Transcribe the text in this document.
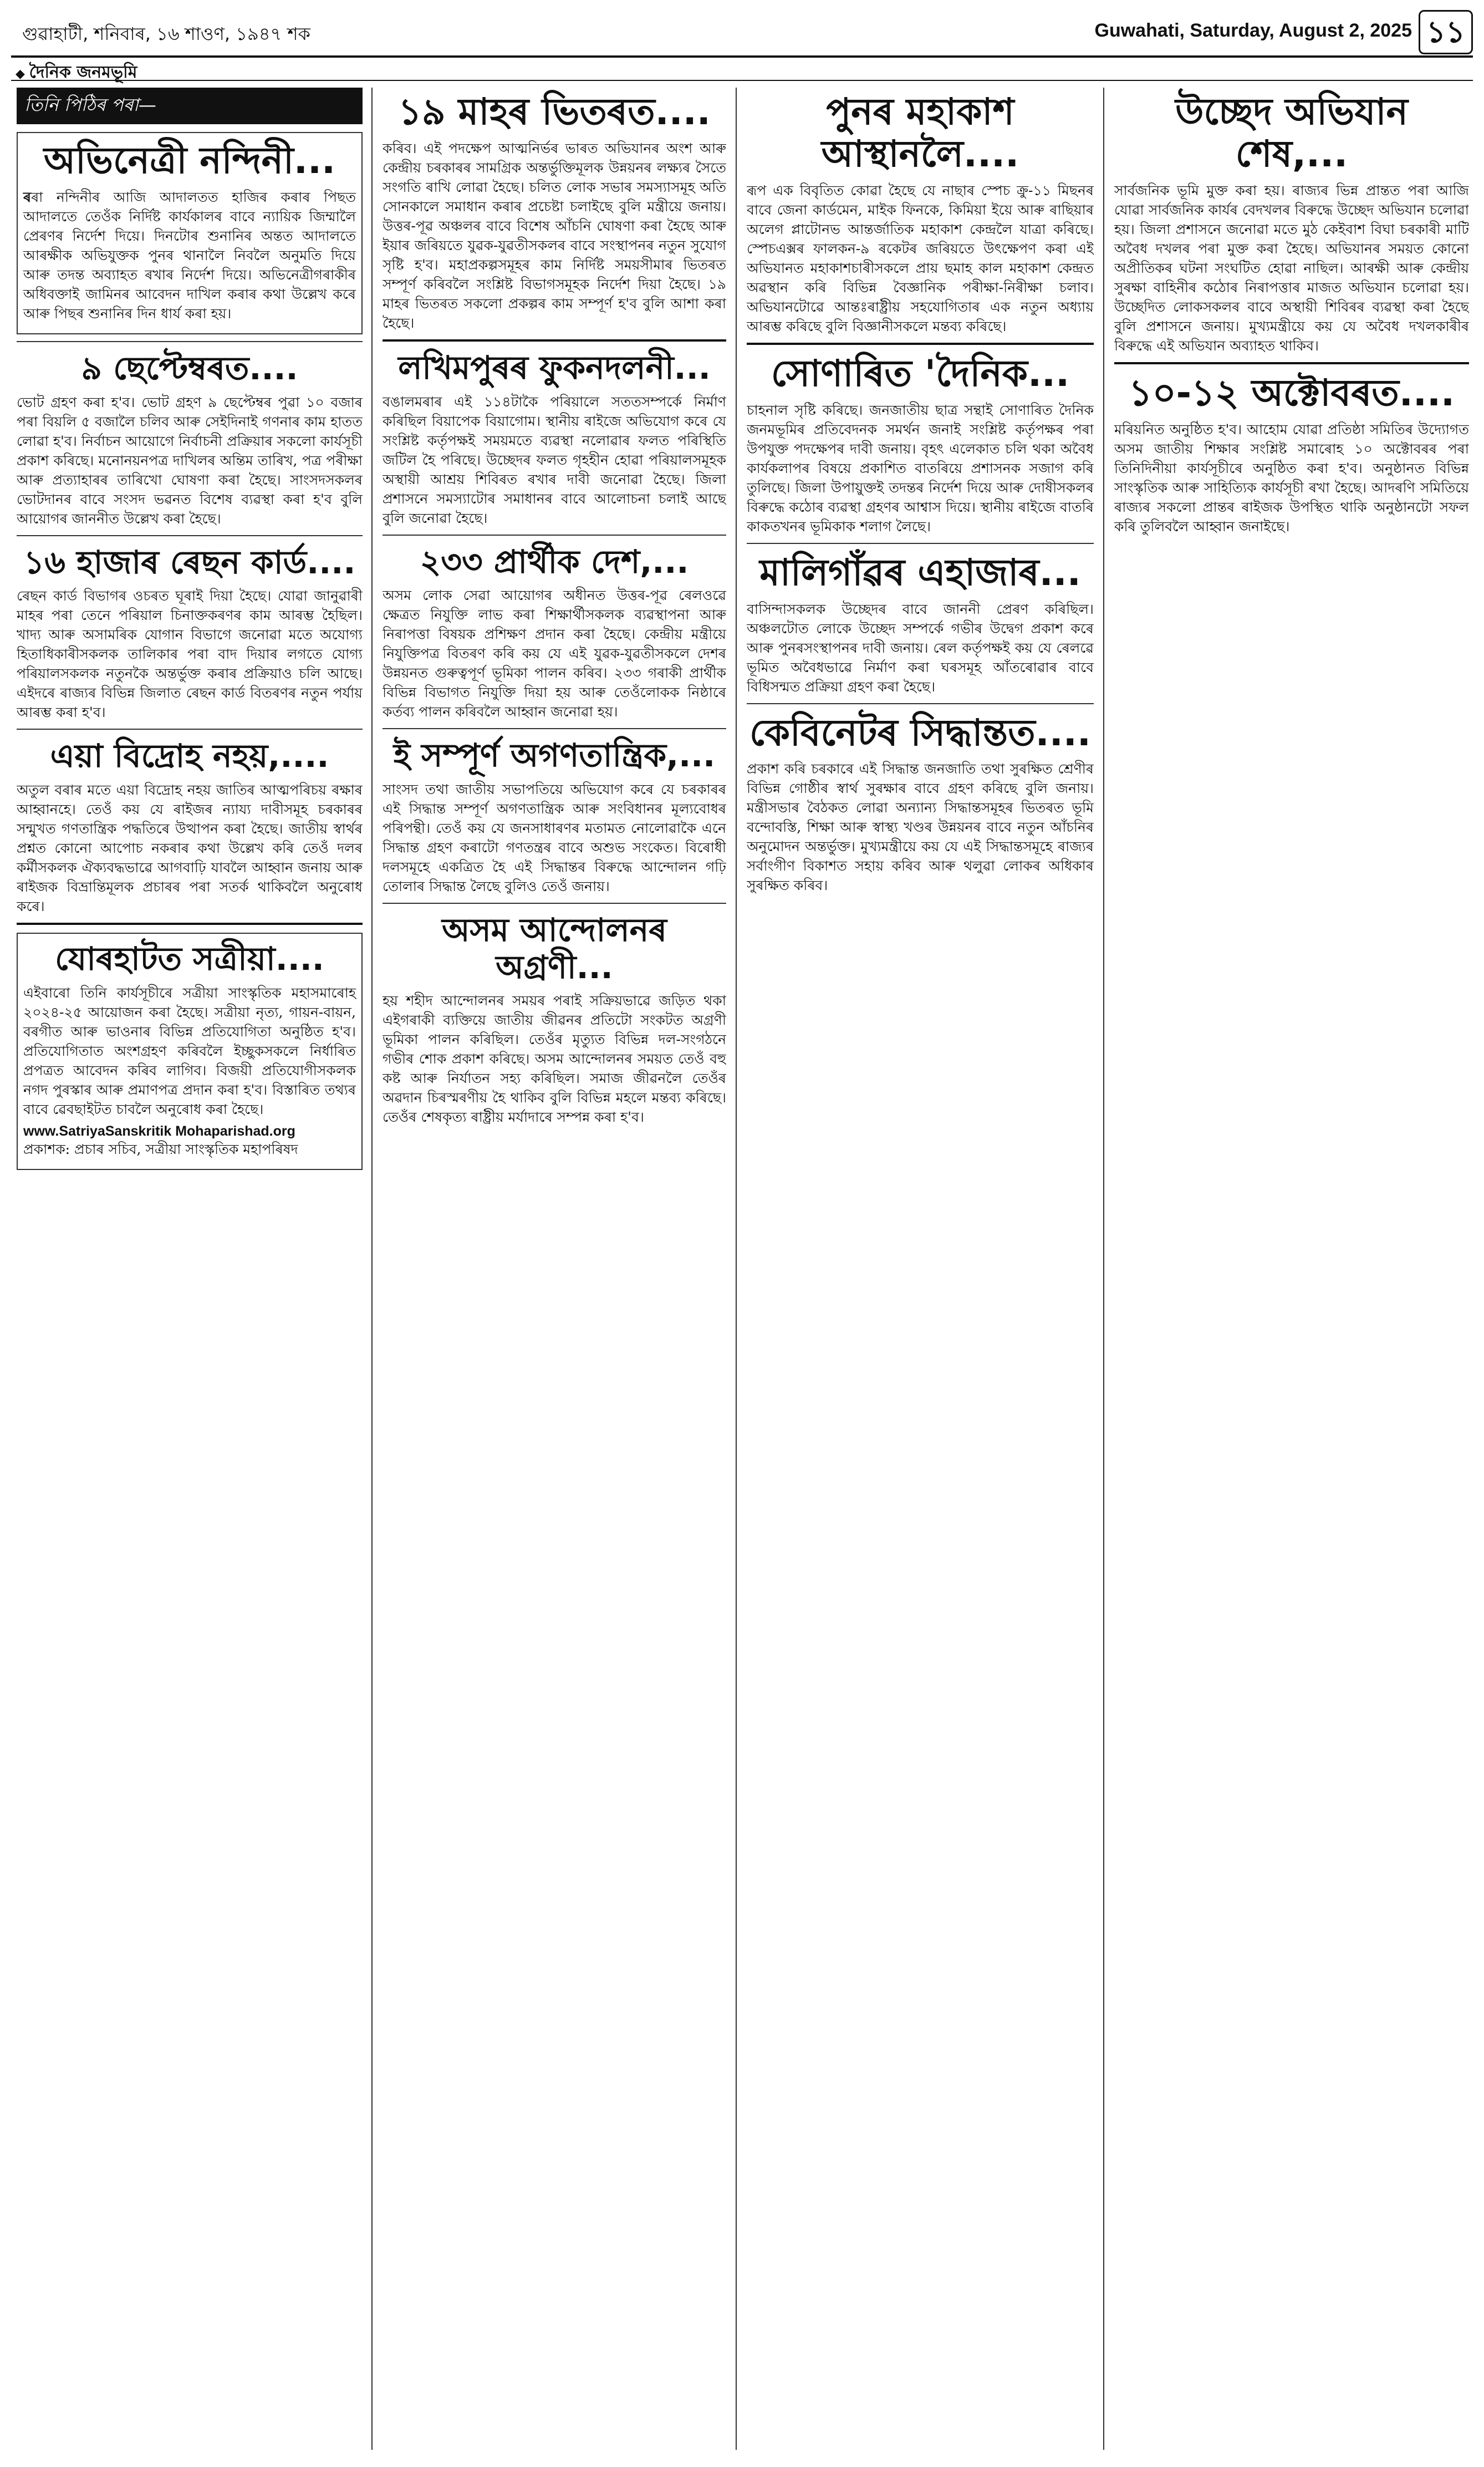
গুৱাহাটী, শনিবাৰ, ১৬ শাওণ, ১৯৪৭ শক	Guwahati, Saturday, August 2, 2025 ১১
◆ দৈনিক জনমভূমি
তিনি পিঠিৰ পৰা—
অভিনেত্ৰী নন্দিনী...

ৰৰা নন্দিনীৰ আজি আদালতত হাজিৰ কৰাৰ পিছত আদালতে তেওঁক নিৰ্দিষ্ট কাৰ্যকালৰ বাবে ন্যায়িক জিম্মালৈ প্ৰেৰণৰ নিৰ্দেশ দিয়ে। দিনটোৰ শুনানিৰ অন্তত আদালতে আৰক্ষীক অভিযুক্তক পুনৰ থানালৈ নিবলৈ অনুমতি দিয়ে আৰু তদন্ত অব্যাহত ৰখাৰ নিৰ্দেশ দিয়ে। অভিনেত্ৰীগৰাকীৰ অধিবক্তাই জামিনৰ আবেদন দাখিল কৰাৰ কথা উল্লেখ কৰে আৰু পিছৰ শুনানিৰ দিন ধাৰ্য কৰা হয়।

৯ ছেপ্টেম্বৰত....

ভোট গ্ৰহণ কৰা হ'ব। ভোট গ্ৰহণ ৯ ছেপ্টেম্বৰ পুৱা ১০ বজাৰ পৰা বিয়লি ৫ বজালৈ চলিব আৰু সেইদিনাই গণনাৰ কাম হাতত লোৱা হ'ব। নিৰ্বাচন আয়োগে নিৰ্বাচনী প্ৰক্ৰিয়াৰ সকলো কাৰ্যসূচী প্ৰকাশ কৰিছে। মনোনয়নপত্ৰ দাখিলৰ অন্তিম তাৰিখ, পত্ৰ পৰীক্ষা আৰু প্ৰত্যাহাৰৰ তাৰিখো ঘোষণা কৰা হৈছে। সাংসদসকলৰ ভোটদানৰ বাবে সংসদ ভৱনত বিশেষ ব্যৱস্থা কৰা হ'ব বুলি আয়োগৰ জাননীত উল্লেখ কৰা হৈছে।

১৬ হাজাৰ ৰেছন কাৰ্ড....

ৰেছন কাৰ্ড বিভাগৰ ওচৰত ঘূৰাই দিয়া হৈছে। যোৱা জানুৱাৰী মাহৰ পৰা তেনে পৰিয়াল চিনাক্তকৰণৰ কাম আৰম্ভ হৈছিল। খাদ্য আৰু অসামৰিক যোগান বিভাগে জনোৱা মতে অযোগ্য হিতাধিকাৰীসকলক তালিকাৰ পৰা বাদ দিয়াৰ লগতে যোগ্য পৰিয়ালসকলক নতুনকৈ অন্তৰ্ভুক্ত কৰাৰ প্ৰক্ৰিয়াও চলি আছে। এইদৰে ৰাজ্যৰ বিভিন্ন জিলাত ৰেছন কাৰ্ড বিতৰণৰ নতুন পৰ্যায় আৰম্ভ কৰা হ'ব।

এয়া বিদ্ৰোহ নহয়,....

অতুল বৰাৰ মতে এয়া বিদ্ৰোহ নহয় জাতিৰ আত্মপৰিচয় ৰক্ষাৰ আহ্বানহে। তেওঁ কয় যে ৰাইজৰ ন্যায্য দাবীসমূহ চৰকাৰৰ সন্মুখত গণতান্ত্ৰিক পদ্ধতিৰে উত্থাপন কৰা হৈছে। জাতীয় স্বাৰ্থৰ প্ৰশ্নত কোনো আপোচ নকৰাৰ কথা উল্লেখ কৰি তেওঁ দলৰ কৰ্মীসকলক ঐক্যবদ্ধভাৱে আগবাঢ়ি যাবলৈ আহ্বান জনায় আৰু ৰাইজক বিভ্ৰান্তিমূলক প্ৰচাৰৰ পৰা সতৰ্ক থাকিবলৈ অনুৰোধ কৰে।

যোৰহাটত সত্ৰীয়া....

এইবাৰো তিনি কাৰ্যসূচীৰে সত্ৰীয়া সাংস্কৃতিক মহাসমাৰোহ ২০২৪-২৫ আয়োজন কৰা হৈছে। সত্ৰীয়া নৃত্য, গায়ন-বায়ন, বৰগীত আৰু ভাওনাৰ বিভিন্ন প্ৰতিযোগিতা অনুষ্ঠিত হ'ব। প্ৰতিযোগিতাত অংশগ্ৰহণ কৰিবলৈ ইচ্ছুকসকলে নিৰ্ধাৰিত প্ৰপত্ৰত আবেদন কৰিব লাগিব। বিজয়ী প্ৰতিযোগীসকলক নগদ পুৰস্কাৰ আৰু প্ৰমাণপত্ৰ প্ৰদান কৰা হ'ব। বিস্তাৰিত তথ্যৰ বাবে ৱেবছাইটত চাবলৈ অনুৰোধ কৰা হৈছে।

www.SatriyaSanskritik Mohaparishad.org

প্ৰকাশক: প্ৰচাৰ সচিব, সত্ৰীয়া সাংস্কৃতিক মহাপৰিষদ

১৯ মাহৰ ভিতৰত....

কৰিব। এই পদক্ষেপ আত্মনিৰ্ভৰ ভাৰত অভিযানৰ অংশ আৰু কেন্দ্ৰীয় চৰকাৰৰ সামগ্ৰিক অন্তৰ্ভুক্তিমূলক উন্নয়নৰ লক্ষ্যৰ সৈতে সংগতি ৰাখি লোৱা হৈছে। চলিত লোক সভাৰ সমস্যাসমূহ অতি সোনকালে সমাধান কৰাৰ প্ৰচেষ্টা চলাইছে বুলি মন্ত্ৰীয়ে জনায়। উত্তৰ-পূৱ অঞ্চলৰ বাবে বিশেষ আঁচনি ঘোষণা কৰা হৈছে আৰু ইয়াৰ জৰিয়তে যুৱক-যুৱতীসকলৰ বাবে সংস্থাপনৰ নতুন সুযোগ সৃষ্টি হ'ব। মহাপ্ৰকল্পসমূহৰ কাম নিৰ্দিষ্ট সময়সীমাৰ ভিতৰত সম্পূৰ্ণ কৰিবলৈ সংশ্লিষ্ট বিভাগসমূহক নিৰ্দেশ দিয়া হৈছে। ১৯ মাহৰ ভিতৰত সকলো প্ৰকল্পৰ কাম সম্পূৰ্ণ হ'ব বুলি আশা কৰা হৈছে।

লখিমপুৰৰ ফুকনদলনী...

বঙালমৰাৰ এই ১১৪টাকৈ পৰিয়ালে সততসম্পৰ্কে নিৰ্মাণ কৰিছিল বিয়াপেক বিয়াগোম। স্থানীয় ৰাইজে অভিযোগ কৰে যে সংশ্লিষ্ট কৰ্তৃপক্ষই সময়মতে ব্যৱস্থা নলোৱাৰ ফলত পৰিস্থিতি জটিল হৈ পৰিছে। উচ্ছেদৰ ফলত গৃহহীন হোৱা পৰিয়ালসমূহক অস্থায়ী আশ্ৰয় শিবিৰত ৰখাৰ দাবী জনোৱা হৈছে। জিলা প্ৰশাসনে সমস্যাটোৰ সমাধানৰ বাবে আলোচনা চলাই আছে বুলি জনোৱা হৈছে।

২৩৩ প্ৰাৰ্থীক দেশ,...

অসম লোক সেৱা আয়োগৰ অধীনত উত্তৰ-পূৱ ৰেলওৱে ক্ষেত্ৰত নিযুক্তি লাভ কৰা শিক্ষাৰ্থীসকলক ব্যৱস্থাপনা আৰু নিৰাপত্তা বিষয়ক প্ৰশিক্ষণ প্ৰদান কৰা হৈছে। কেন্দ্ৰীয় মন্ত্ৰীয়ে নিযুক্তিপত্ৰ বিতৰণ কৰি কয় যে এই যুৱক-যুৱতীসকলে দেশৰ উন্নয়নত গুৰুত্বপূৰ্ণ ভূমিকা পালন কৰিব। ২৩৩ গৰাকী প্ৰাৰ্থীক বিভিন্ন বিভাগত নিযুক্তি দিয়া হয় আৰু তেওঁলোকক নিষ্ঠাৰে কৰ্তব্য পালন কৰিবলৈ আহ্বান জনোৱা হয়।

ই সম্পূৰ্ণ অগণতান্ত্ৰিক,...

সাংসদ তথা জাতীয় সভাপতিয়ে অভিযোগ কৰে যে চৰকাৰৰ এই সিদ্ধান্ত সম্পূৰ্ণ অগণতান্ত্ৰিক আৰু সংবিধানৰ মূল্যবোধৰ পৰিপন্থী। তেওঁ কয় যে জনসাধাৰণৰ মতামত নোলোৱাকৈ এনে সিদ্ধান্ত গ্ৰহণ কৰাটো গণতন্ত্ৰৰ বাবে অশুভ সংকেত। বিৰোধী দলসমূহে একত্ৰিত হৈ এই সিদ্ধান্তৰ বিৰুদ্ধে আন্দোলন গঢ়ি তোলাৰ সিদ্ধান্ত লৈছে বুলিও তেওঁ জনায়।

অসম আন্দোলনৰ অগ্ৰণী...

হয় শহীদ আন্দোলনৰ সময়ৰ পৰাই সক্ৰিয়ভাৱে জড়িত থকা এইগৰাকী ব্যক্তিয়ে জাতীয় জীৱনৰ প্ৰতিটো সংকটত অগ্ৰণী ভূমিকা পালন কৰিছিল। তেওঁৰ মৃত্যুত বিভিন্ন দল-সংগঠনে গভীৰ শোক প্ৰকাশ কৰিছে। অসম আন্দোলনৰ সময়ত তেওঁ বহু কষ্ট আৰু নিৰ্যাতন সহ্য কৰিছিল। সমাজ জীৱনলৈ তেওঁৰ অৱদান চিৰস্মৰণীয় হৈ থাকিব বুলি বিভিন্ন মহলে মন্তব্য কৰিছে। তেওঁৰ শেষকৃত্য ৰাষ্ট্ৰীয় মৰ্যাদাৰে সম্পন্ন কৰা হ'ব।

পুনৰ মহাকাশ আস্থানলৈ....

ৰূপ এক বিবৃতিত কোৱা হৈছে যে নাছাৰ স্পেচ ক্ৰু-১১ মিছনৰ বাবে জেনা কাৰ্ডমেন, মাইক ফিনকে, কিমিয়া ইয়ে আৰু ৰাছিয়াৰ অলেগ প্লাটোনভ আন্তৰ্জাতিক মহাকাশ কেন্দ্ৰলৈ যাত্ৰা কৰিছে। স্পেচএক্সৰ ফালকন-৯ ৰকেটৰ জৰিয়তে উৎক্ষেপণ কৰা এই অভিযানত মহাকাশচাৰীসকলে প্ৰায় ছমাহ কাল মহাকাশ কেন্দ্ৰত অৱস্থান কৰি বিভিন্ন বৈজ্ঞানিক পৰীক্ষা-নিৰীক্ষা চলাব। অভিযানটোৱে আন্তঃৰাষ্ট্ৰীয় সহযোগিতাৰ এক নতুন অধ্যায় আৰম্ভ কৰিছে বুলি বিজ্ঞানীসকলে মন্তব্য কৰিছে।

সোণাৰিত 'দৈনিক...

চাহনাল সৃষ্টি কৰিছে। জনজাতীয় ছাত্ৰ সন্থাই সোণাৰিত দৈনিক জনমভূমিৰ প্ৰতিবেদনক সমৰ্থন জনাই সংশ্লিষ্ট কৰ্তৃপক্ষৰ পৰা উপযুক্ত পদক্ষেপৰ দাবী জনায়। বৃহৎ এলেকাত চলি থকা অবৈধ কাৰ্যকলাপৰ বিষয়ে প্ৰকাশিত বাতৰিয়ে প্ৰশাসনক সজাগ কৰি তুলিছে। জিলা উপায়ুক্তই তদন্তৰ নিৰ্দেশ দিয়ে আৰু দোষীসকলৰ বিৰুদ্ধে কঠোৰ ব্যৱস্থা গ্ৰহণৰ আশ্বাস দিয়ে। স্থানীয় ৰাইজে বাতৰি কাকতখনৰ ভূমিকাক শলাগ লৈছে।

মালিগাঁৱৰ এহাজাৰ...

বাসিন্দাসকলক উচ্ছেদৰ বাবে জাননী প্ৰেৰণ কৰিছিল। অঞ্চলটোত লোকে উচ্ছেদ সম্পৰ্কে গভীৰ উদ্বেগ প্ৰকাশ কৰে আৰু পুনৰসংস্থাপনৰ দাবী জনায়। ৰেল কৰ্তৃপক্ষই কয় যে ৰেলৱে ভূমিত অবৈধভাৱে নিৰ্মাণ কৰা ঘৰসমূহ আঁতৰোৱাৰ বাবে বিধিসন্মত প্ৰক্ৰিয়া গ্ৰহণ কৰা হৈছে।

কেবিনেটৰ সিদ্ধান্তত....

প্ৰকাশ কৰি চৰকাৰে এই সিদ্ধান্ত জনজাতি তথা সুৰক্ষিত শ্ৰেণীৰ বিভিন্ন গোষ্ঠীৰ স্বাৰ্থ সুৰক্ষাৰ বাবে গ্ৰহণ কৰিছে বুলি জনায়। মন্ত্ৰীসভাৰ বৈঠকত লোৱা অন্যান্য সিদ্ধান্তসমূহৰ ভিতৰত ভূমি বন্দোবস্তি, শিক্ষা আৰু স্বাস্থ্য খণ্ডৰ উন্নয়নৰ বাবে নতুন আঁচনিৰ অনুমোদন অন্তৰ্ভুক্ত। মুখ্যমন্ত্ৰীয়ে কয় যে এই সিদ্ধান্তসমূহে ৰাজ্যৰ সৰ্বাংগীণ বিকাশত সহায় কৰিব আৰু থলুৱা লোকৰ অধিকাৰ সুৰক্ষিত কৰিব।

উচ্ছেদ অভিযান শেষ,...

সাৰ্বজনিক ভূমি মুক্ত কৰা হয়। ৰাজ্যৰ ভিন্ন প্ৰান্তত পৰা আজি যোৱা সাৰ্বজনিক কাৰ্যৰ বেদখলৰ বিৰুদ্ধে উচ্ছেদ অভিযান চলোৱা হয়। জিলা প্ৰশাসনে জনোৱা মতে মুঠ কেইবাশ বিঘা চৰকাৰী মাটি অবৈধ দখলৰ পৰা মুক্ত কৰা হৈছে। অভিযানৰ সময়ত কোনো অপ্ৰীতিকৰ ঘটনা সংঘটিত হোৱা নাছিল। আৰক্ষী আৰু কেন্দ্ৰীয় সুৰক্ষা বাহিনীৰ কঠোৰ নিৰাপত্তাৰ মাজত অভিযান চলোৱা হয়। উচ্ছেদিত লোকসকলৰ বাবে অস্থায়ী শিবিৰৰ ব্যৱস্থা কৰা হৈছে বুলি প্ৰশাসনে জনায়। মুখ্যমন্ত্ৰীয়ে কয় যে অবৈধ দখলকাৰীৰ বিৰুদ্ধে এই অভিযান অব্যাহত থাকিব।

১০-১২ অক্টোবৰত....

মৰিয়নিত অনুষ্ঠিত হ'ব। আহোম যোৱা প্ৰতিষ্ঠা সমিতিৰ উদ্যোগত অসম জাতীয় শিক্ষাৰ সংশ্লিষ্ট সমাৰোহ ১০ অক্টোবৰৰ পৰা তিনিদিনীয়া কাৰ্যসূচীৰে অনুষ্ঠিত কৰা হ'ব। অনুষ্ঠানত বিভিন্ন সাংস্কৃতিক আৰু সাহিত্যিক কাৰ্যসূচী ৰখা হৈছে। আদৰণি সমিতিয়ে ৰাজ্যৰ সকলো প্ৰান্তৰ ৰাইজক উপস্থিত থাকি অনুষ্ঠানটো সফল কৰি তুলিবলৈ আহ্বান জনাইছে।
